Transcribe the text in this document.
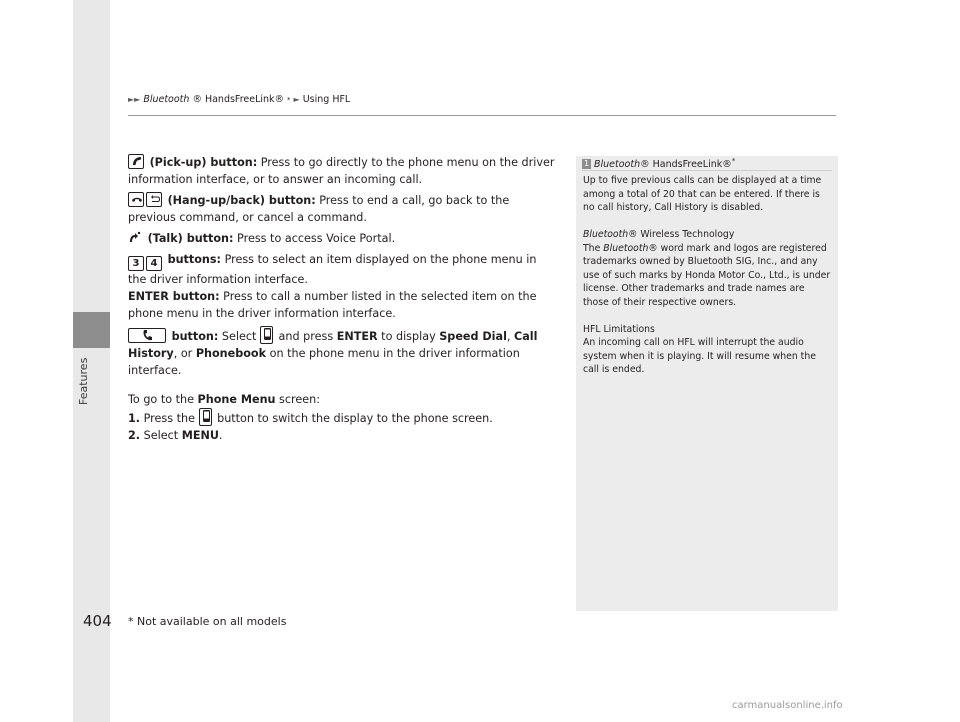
Features
►► Bluetooth ® HandsFreeLink® * ► Using HFL

(Pick-up) button: Press to go directly to the phone menu on the driver information interface, or to answer an incoming call.

(Hang-up/back) button: Press to end a call, go back to the previous command, or cancel a command.

(Talk) button: Press to access Voice Portal.

3 4 buttons: Press to select an item displayed on the phone menu in the driver information interface.

ENTER button: Press to call a number listed in the selected item on the phone menu in the driver information interface.

button: Select
and press ENTER to display Speed Dial, Call History, or Phonebook on the phone menu in the driver information interface.

To go to the Phone Menu screen:

1. Press the
button to switch the display to the phone screen.

2. Select MENU.

1 Bluetooth® HandsFreeLink®*

Up to five previous calls can be displayed at a time among a total of 20 that can be entered. If there is no call history, Call History is disabled.

Bluetooth® Wireless Technology
The Bluetooth® word mark and logos are registered trademarks owned by Bluetooth SIG, Inc., and any use of such marks by Honda Motor Co., Ltd., is under license. Other trademarks and trade names are those of their respective owners.

HFL Limitations
An incoming call on HFL will interrupt the audio system when it is playing. It will resume when the call is ended.

404 * Not available on all models
carmanualsonline.info
